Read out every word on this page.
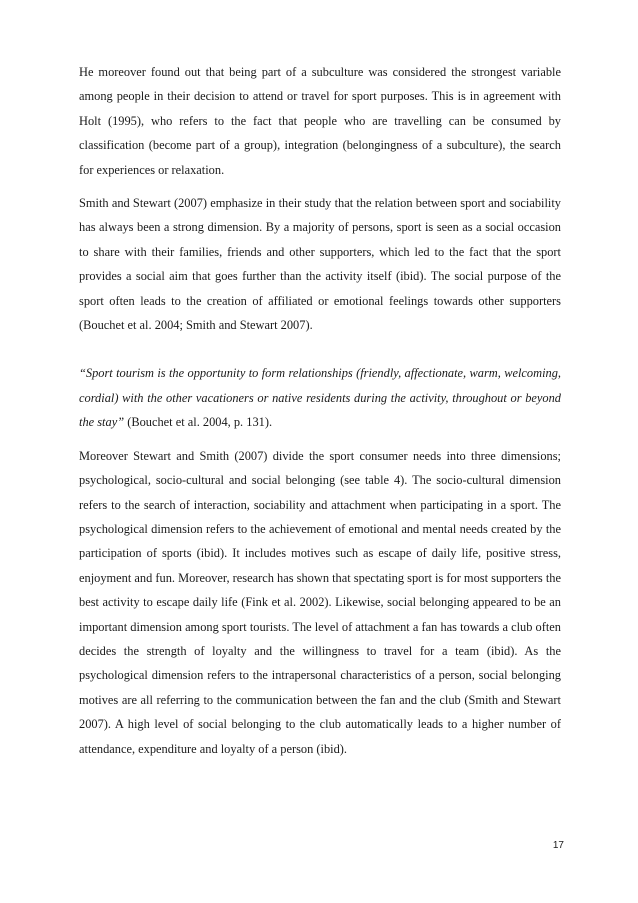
He moreover found out that being part of a subculture was considered the strongest variable among people in their decision to attend or travel for sport purposes. This is in agreement with Holt (1995), who refers to the fact that people who are travelling can be consumed by classification (become part of a group), integration (belongingness of a subculture), the search for experiences or relaxation.

Smith and Stewart (2007) emphasize in their study that the relation between sport and sociability has always been a strong dimension. By a majority of persons, sport is seen as a social occasion to share with their families, friends and other supporters, which led to the fact that the sport provides a social aim that goes further than the activity itself (ibid). The social purpose of the sport often leads to the creation of affiliated or emotional feelings towards other supporters (Bouchet et al. 2004; Smith and Stewart 2007).

“Sport tourism is the opportunity to form relationships (friendly, affectionate, warm, welcoming, cordial) with the other vacationers or native residents during the activity, throughout or beyond the stay” (Bouchet et al. 2004, p. 131).

Moreover Stewart and Smith (2007) divide the sport consumer needs into three dimensions; psychological, socio-cultural and social belonging (see table 4). The socio-cultural dimension refers to the search of interaction, sociability and attachment when participating in a sport. The psychological dimension refers to the achievement of emotional and mental needs created by the participation of sports (ibid). It includes motives such as escape of daily life, positive stress, enjoyment and fun. Moreover, research has shown that spectating sport is for most supporters the best activity to escape daily life (Fink et al. 2002). Likewise, social belonging appeared to be an important dimension among sport tourists. The level of attachment a fan has towards a club often decides the strength of loyalty and the willingness to travel for a team (ibid). As the psychological dimension refers to the intrapersonal characteristics of a person, social belonging motives are all referring to the communication between the fan and the club (Smith and Stewart 2007). A high level of social belonging to the club automatically leads to a higher number of attendance, expenditure and loyalty of a person (ibid).

17
